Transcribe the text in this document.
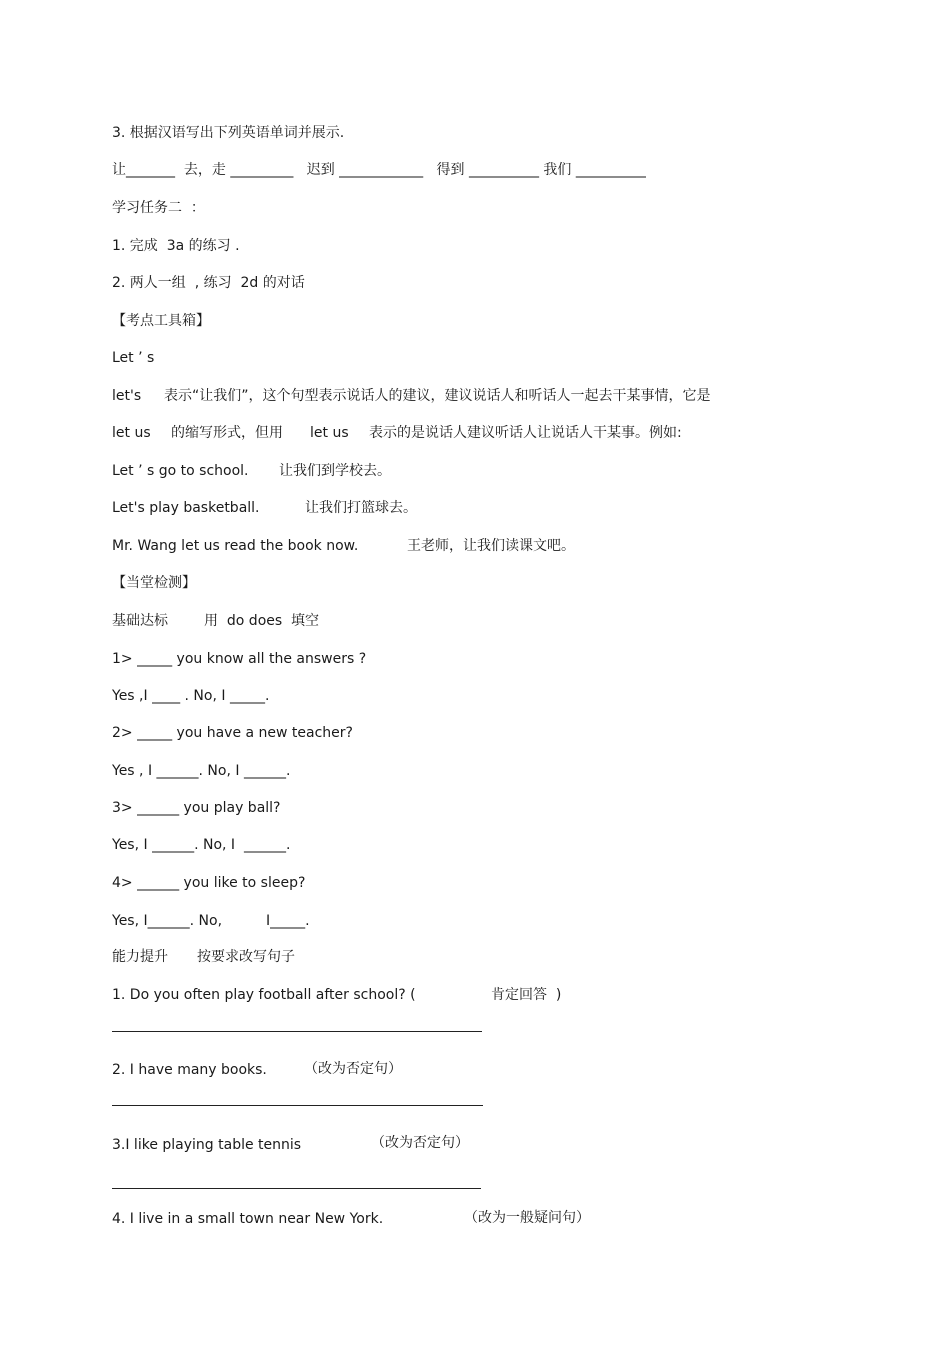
3. 根据汉语写出下列英语单词并展示.
让_______  去，走 _________   迟到 ____________   得到 __________ 我们 __________
学习任务二  ：
1. 完成  3a 的练习 .
2. 两人一组  , 练习  2d 的对话
【考点工具箱】
Let ’ s
let's 表示“让我们”，这个句型表示说话人的建议，建议说话人和听话人一起去干某事情，它是
let us 的缩写形式，但用 let us 表示的是说话人建议听话人让说话人干某事。例如:
Let ’ s go to school. 让我们到学校去。
Let's play basketball.	让我们打篮球去。
Mr. Wang let us read the book now.	王老师，让我们读课文吧。
【当堂检测】
基础达标	用  do does  填空
1> _____ you know all the answers ?
Yes ,I ____ . No, I _____.
2> _____ you have a new teacher?
Yes , I ______. No, I ______.
3> ______ you play ball?
Yes, I ______. No, I  ______.
4> ______ you like to sleep?
Yes, I______. No,	I_____.
能力提升 按要求改写句子
1. Do you often play football after school? (	肯定回答  )
2. I have many books.	（改为否定句）
3.I like playing table tennis	（改为否定句）
4. I live in a small town near New York.	（改为一般疑问句）
